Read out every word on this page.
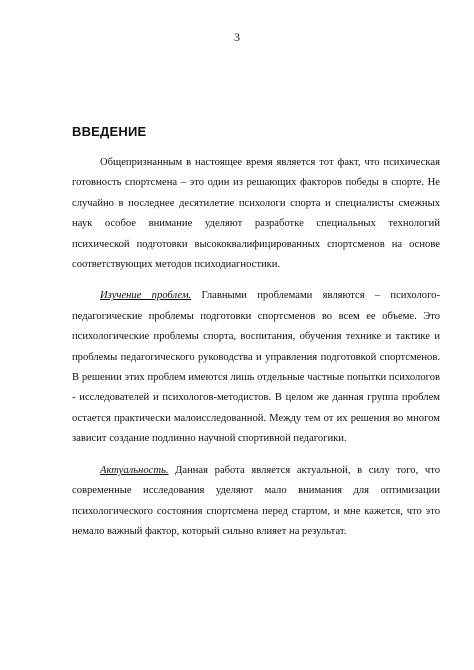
3
ВВЕДЕНИЕ

Общепризнанным в настоящее время является тот факт, что психическая готовность спортсмена – это один из решающих факторов победы в спорте. Не случайно в последнее десятилетие психологи спорта и специалисты смежных наук особое внимание уделяют разработке специальных технологий психической подготовки высококвалифицированных спортсменов на основе соответствующих методов психодиагностики.

Изучение проблем. Главными проблемами являются – психолого-педагогические проблемы подготовки спортсменов во всем ее объеме. Это психологические проблемы спорта, воспитания, обучения технике и тактике и проблемы педагогического руководства и управления подготовкой спортсменов. В решении этих проблем имеются лишь отдельные частные попытки психологов - исследователей и психологов-методистов. В целом же данная группа проблем остается практически малоисследованной. Между тем от их решения во многом зависит создание подлинно научной спортивной педагогики.

Актуальность. Данная работа является актуальной, в силу того, что современные исследования уделяют мало внимания для оптимизации психологического состояния спортсмена перед стартом, и мне кажется, что это немало важный фактор, который сильно влияет на результат.
